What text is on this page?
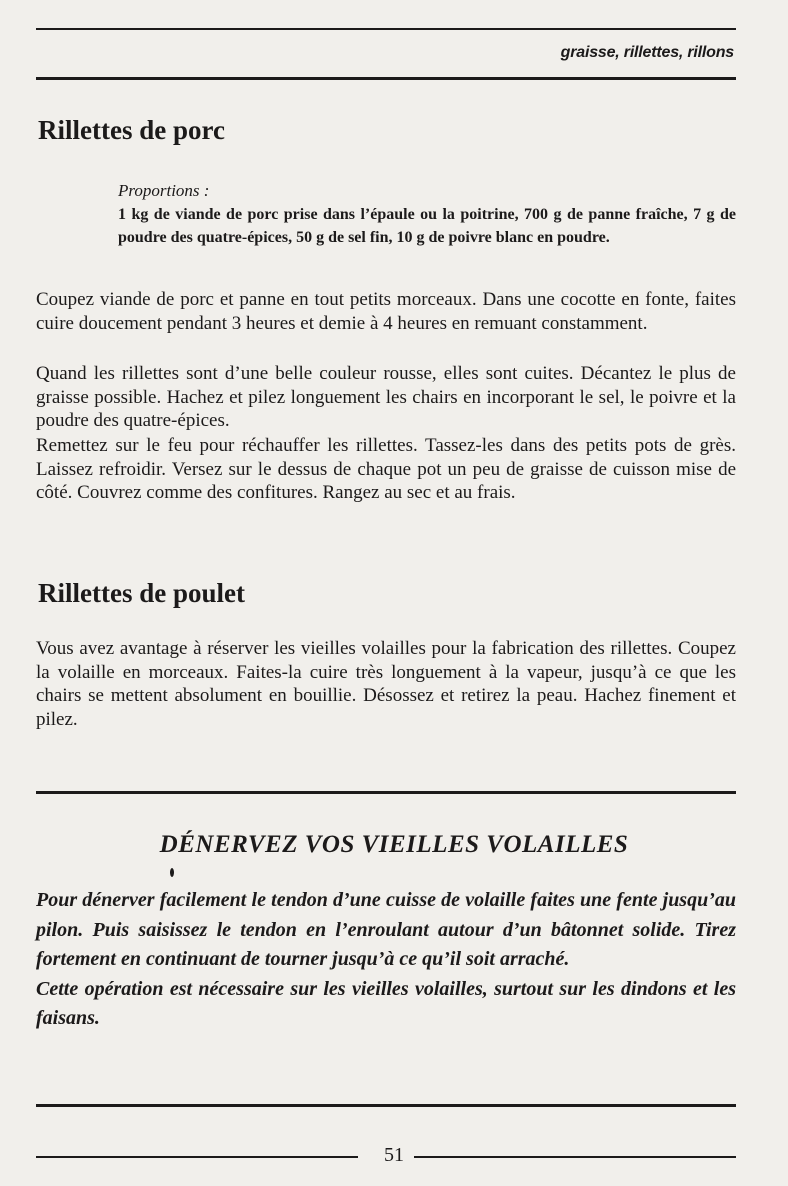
graisse, rillettes, rillons
Rillettes de porc
Proportions :

1 kg de viande de porc prise dans l’épaule ou la poitrine, 700 g de panne fraîche, 7 g de poudre des quatre-épices, 50 g de sel fin, 10 g de poivre blanc en poudre.

Coupez viande de porc et panne en tout petits morceaux. Dans une cocotte en fonte, faites cuire doucement pendant 3 heures et demie à 4 heures en remuant constamment.

Quand les rillettes sont d’une belle couleur rousse, elles sont cuites. Décantez le plus de graisse possible. Hachez et pilez longuement les chairs en incorporant le sel, le poivre et la poudre des quatre-épices.

Remettez sur le feu pour réchauffer les rillettes. Tassez-les dans des petits pots de grès. Laissez refroidir. Versez sur le dessus de chaque pot un peu de graisse de cuisson mise de côté. Couvrez comme des confitures. Rangez au sec et au frais.

Rillettes de poulet

Vous avez avantage à réserver les vieilles volailles pour la fabrication des rillettes. Coupez la volaille en morceaux. Faites-la cuire très longuement à la vapeur, jusqu’à ce que les chairs se mettent absolument en bouillie. Désossez et retirez la peau. Hachez finement et pilez.

DÉNERVEZ VOS VIEILLES VOLAILLES
Pour dénerver facilement le tendon d’une cuisse de volaille faites une fente jusqu’au pilon. Puis saisissez le tendon en l’enroulant autour d’un bâtonnet solide. Tirez fortement en continuant de tourner jusqu’à ce qu’il soit arraché.
Cette opération est nécessaire sur les vieilles volailles, surtout sur les dindons et les faisans.
51
